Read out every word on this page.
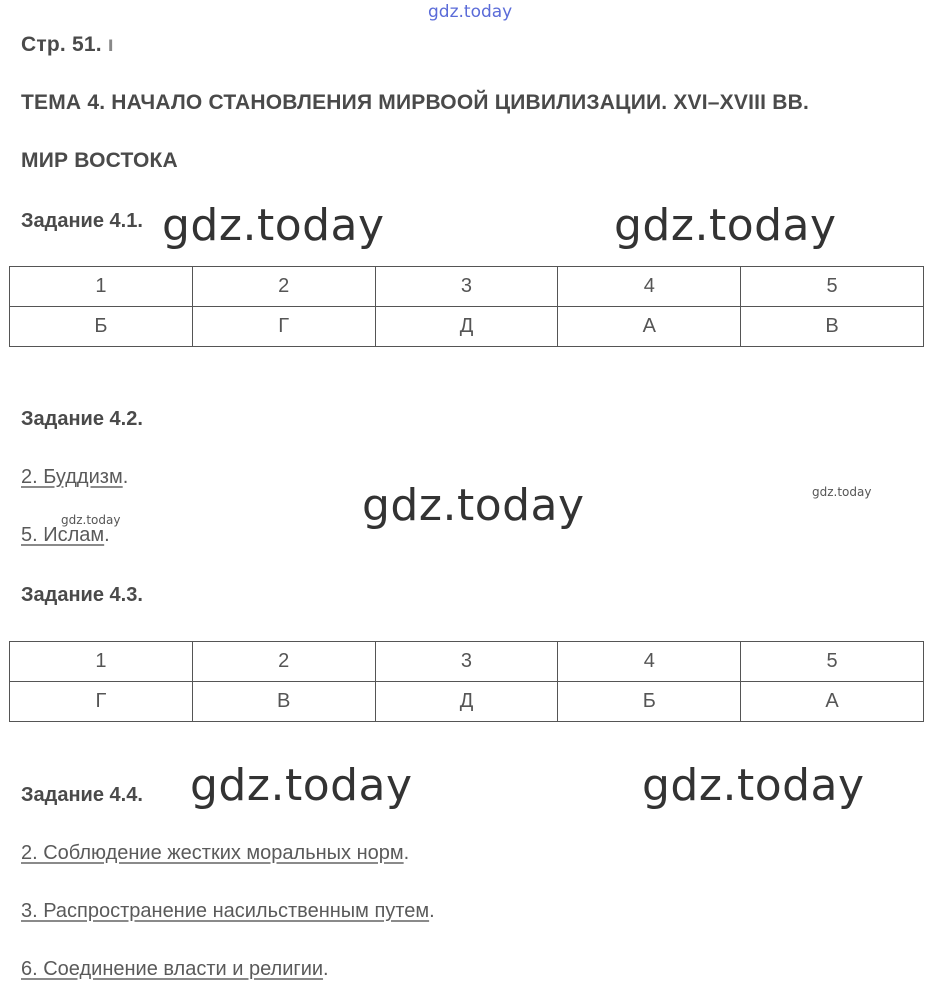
gdz.today
Стр. 51. ı
ТЕМА 4. НАЧАЛО СТАНОВЛЕНИЯ МИРВООЙ ЦИВИЛИЗАЦИИ. XVI–XVIII ВВ.
МИР ВОСТОКА
Задание 4.1. gdz.today	gdz.today
1	2	3	4	5
Б	Г	Д	А	В
Задание 4.2.
2. Буддизм.
gdz.today
gdz.today
gdz.today
5. Ислам.
Задание 4.3.
1	2	3	4	5
Г	В	Д	Б	А
Задание 4.4. gdz.today	gdz.today
2. Соблюдение жестких моральных норм.
3. Распространение насильственным путем.
6. Соединение власти и религии.
